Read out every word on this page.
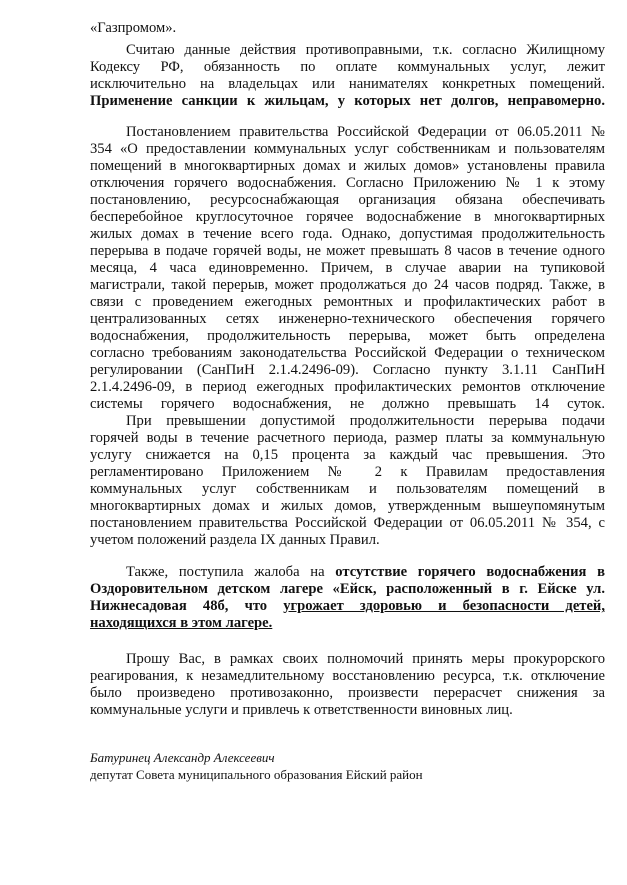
«Газпромом».
Считаю данные действия противоправными, т.к. согласно Жилищному
Кодексу РФ, обязанность по оплате коммунальных услуг, лежит
исключительно на владельцах или нанимателях конкретных помещений.
Применение санкции к жильцам, у которых нет долгов, неправомерно.
Постановлением правительства Российской Федерации от 06.05.2011 №
354 «О предоставлении коммунальных услуг собственникам и пользователям
помещений в многоквартирных домах и жилых домов» установлены правила
отключения горячего водоснабжения. Согласно Приложению № 1 к этому
постановлению, ресурсоснабжающая организация обязана обеспечивать
бесперебойное круглосуточное горячее водоснабжение в многоквартирных
жилых домах в течение всего года. Однако, допустимая продолжительность
перерыва в подаче горячей воды, не может превышать 8 часов в течение одного
месяца, 4 часа единовременно. Причем, в случае аварии на тупиковой
магистрали, такой перерыв, может продолжаться до 24 часов подряд. Также, в
связи с проведением ежегодных ремонтных и профилактических работ в
централизованных сетях инженерно-технического обеспечения горячего
водоснабжения, продолжительность перерыва, может быть определена
согласно требованиям законодательства Российской Федерации о техническом
регулировании (СанПиН 2.1.4.2496-09). Согласно пункту 3.1.11 СанПиН
2.1.4.2496-09, в период ежегодных профилактических ремонтов отключение
системы горячего водоснабжения, не должно превышать 14 суток.
При превышении допустимой продолжительности перерыва подачи
горячей воды в течение расчетного периода, размер платы за коммунальную
услугу снижается на 0,15 процента за каждый час превышения. Это
регламентировано Приложением № 2 к Правилам предоставления
коммунальных услуг собственникам и пользователям помещений в
многоквартирных домах и жилых домов, утвержденным вышеупомянутым
постановлением правительства Российской Федерации от 06.05.2011 № 354, с
учетом положений раздела IX данных Правил.
Также, поступила жалоба на отсутствие горячего водоснабжения в
Оздоровительном детском лагере «Ейск, расположенный в г. Ейске ул.
Нижнесадовая 48б, что угрожает здоровью и безопасности детей,
находящихся в этом лагере.
Прошу Вас, в рамках своих полномочий принять меры прокурорского
реагирования, к незамедлительному восстановлению ресурса, т.к. отключение
было произведено противозаконно, произвести перерасчет снижения за
коммунальные услуги и привлечь к ответственности виновных лиц.
Батуринец Александр Алексеевич
депутат Совета муниципального образования Ейский район
